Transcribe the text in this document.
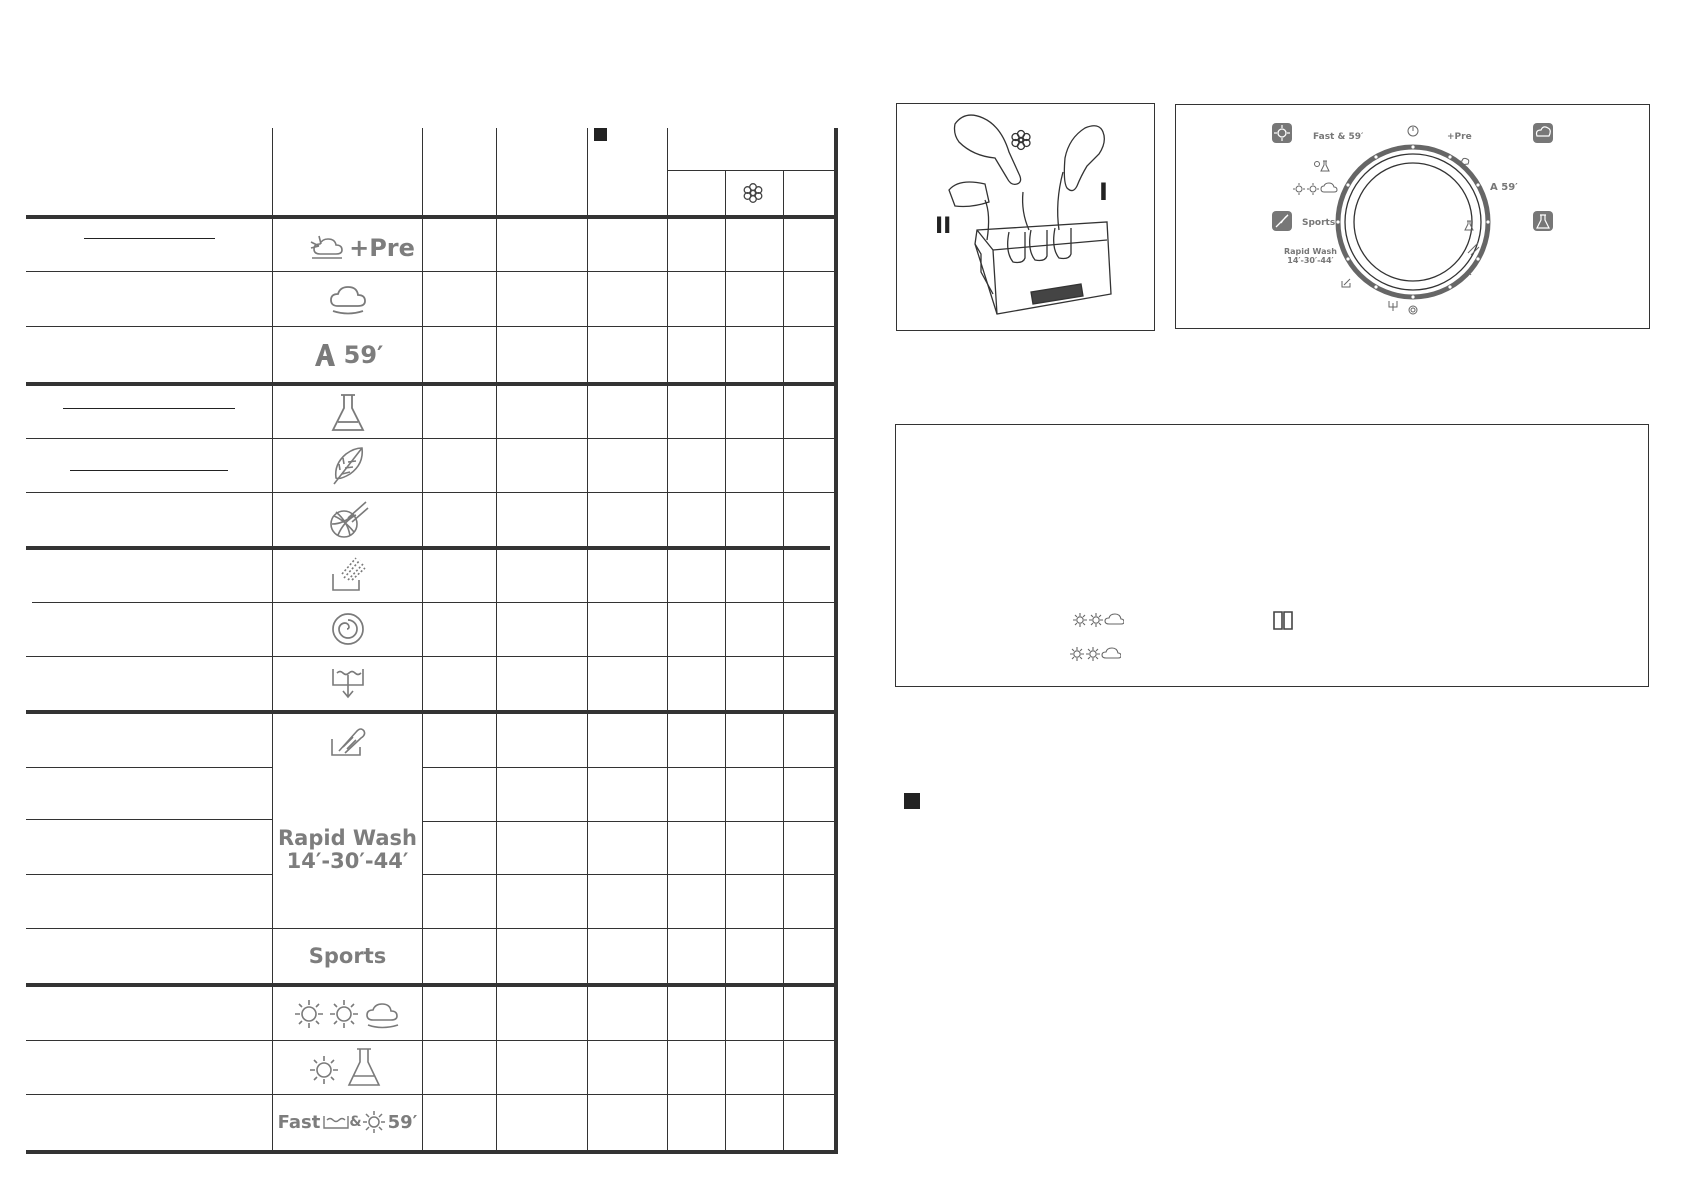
+Pre
59′
Rapid Wash
14′-30′-44′
Sports
Fast & 59′
I
II
Fast & 59′	+Pre
A 59′
Sports
Rapid Wash
14′-30′-44′
